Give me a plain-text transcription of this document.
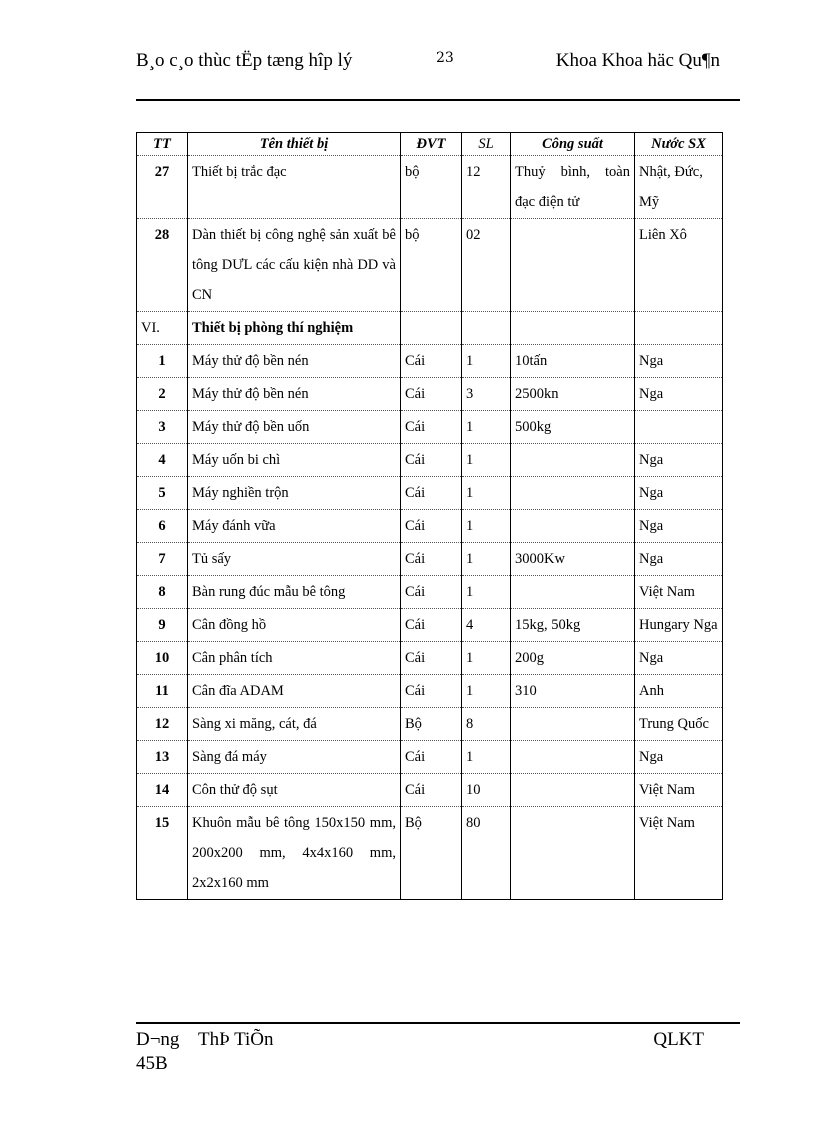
B¸o c¸o thùc tËp tæng hîp lý	23	Khoa Khoa häc Qu¶n
TT	Tên thiết bị	ĐVT	SL	Công suất	Nước SX
27	Thiết bị trắc đạc	bộ	12	Thuỷ bình, toàn đạc điện tử	Nhật, Đức, Mỹ
28	Dàn thiết bị công nghệ sản xuất bê tông DƯL các cấu kiện nhà DD và CN	bộ	02		Liên Xô
VI.	Thiết bị phòng thí nghiệm				
1	Máy thử độ bền nén	Cái	1	10tấn	Nga
2	Máy thử độ bền nén	Cái	3	2500kn	Nga
3	Máy thử độ bền uốn	Cái	1	500kg	
4	Máy uốn bi chì	Cái	1		Nga
5	Máy nghiền trộn	Cái	1		Nga
6	Máy đánh vữa	Cái	1		Nga
7	Tủ sấy	Cái	1	3000Kw	Nga
8	Bàn rung đúc mẫu bê tông	Cái	1		Việt Nam
9	Cân đồng hồ	Cái	4	15kg, 50kg	Hungary Nga
10	Cân phân tích	Cái	1	200g	Nga
11	Cân đĩa ADAM	Cái	1	310	Anh
12	Sàng xi măng, cát, đá	Bộ	8		Trung Quốc
13	Sàng đá máy	Cái	1		Nga
14	Côn thử độ sụt	Cái	10		Việt Nam
15	Khuôn mẫu bê tông 150x150 mm, 200x200 mm, 4x4x160 mm, 2x2x160 mm	Bộ	80		Việt Nam
D¬ng 45B
ThÞ TiÕn	QLKT
